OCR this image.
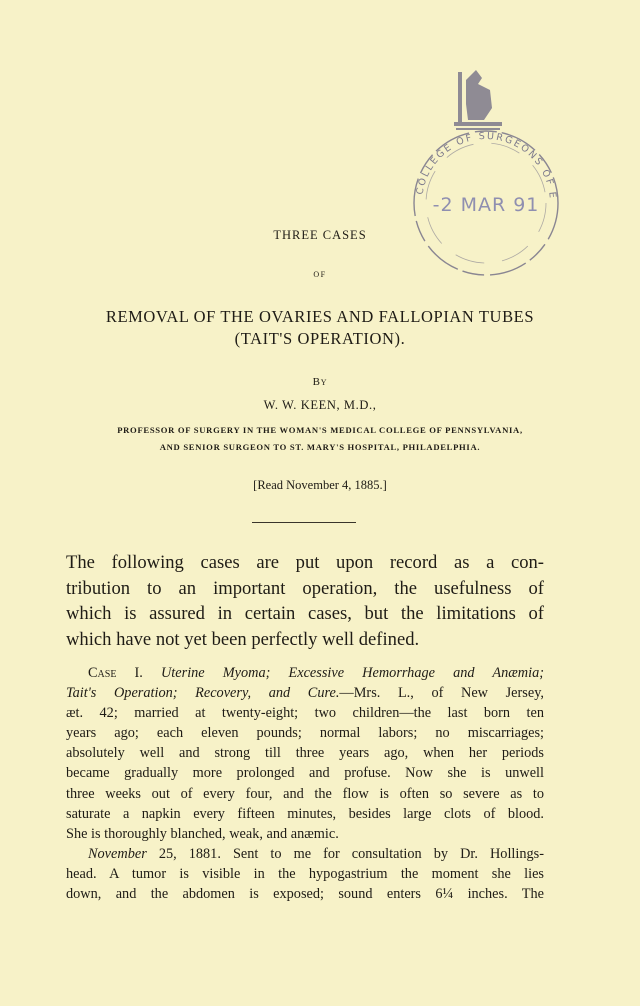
COLLEGE OF SURGEONS OF E
-2 MAR 91
THREE CASES
OF
REMOVAL OF THE OVARIES AND FALLOPIAN TUBES
(TAIT'S OPERATION).
By
W. W. KEEN, M.D.,
PROFESSOR OF SURGERY IN THE WOMAN'S MEDICAL COLLEGE OF PENNSYLVANIA,
AND SENIOR SURGEON TO ST. MARY'S HOSPITAL, PHILADELPHIA.
[Read November 4, 1885.]
The following cases are put upon record as a con-
tribution to an important operation, the usefulness of
which is assured in certain cases, but the limitations of
which have not yet been perfectly well defined.
Case I. Uterine Myoma; Excessive Hemorrhage and Anæmia;
Tait's Operation; Recovery, and Cure.—Mrs. L., of New Jersey,
æt. 42; married at twenty-eight; two children—the last born ten
years ago; each eleven pounds; normal labors; no miscarriages;
absolutely well and strong till three years ago, when her periods
became gradually more prolonged and profuse. Now she is unwell
three weeks out of every four, and the flow is often so severe as to
saturate a napkin every fifteen minutes, besides large clots of blood.
She is thoroughly blanched, weak, and anæmic.
November 25, 1881. Sent to me for consultation by Dr. Hollings-
head. A tumor is visible in the hypogastrium the moment she lies
down, and the abdomen is exposed; sound enters 6¼ inches. The
